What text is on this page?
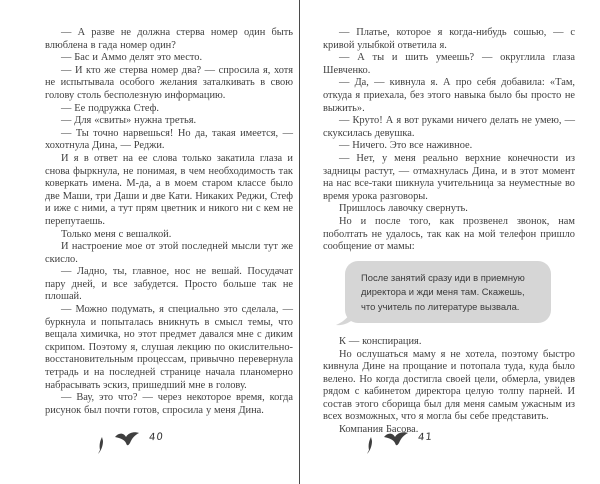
— А разве не должна стерва номер один быть влюблена в гада номер один?

— Бас и Аммо делят это место.

— И кто же стерва номер два? — спросила я, хотя не испытывала особого желания заталкивать в свою голову столь бесполезную информацию.

— Ее подружка Стеф.

— Для «свиты» нужна третья.

— Ты точно нарвешься! Но да, такая имеется, — хохотнула Дина, — Реджи.

И я в ответ на ее слова только закатила глаза и снова фыркнула, не понимая, в чем необходимость так коверкать имена. М-да, а в моем старом классе было две Маши, три Даши и две Кати. Никаких Реджи, Стеф и иже с ними, а тут прям цветник и никого ни с кем не перепутаешь.

Только меня с вешалкой.

И настроение мое от этой последней мысли тут же скисло.

— Ладно, ты, главное, нос не вешай. Посудачат пару дней, и все забудется. Просто больше так не плошай.

— Можно подумать, я специально это сделала, — буркнула и попыталась вникнуть в смысл темы, что вещала химичка, но этот предмет давался мне с диким скрипом. Поэтому я, слушая лекцию по окислительно-восстановительным процессам, привычно перевернула тетрадь и на последней странице начала планомерно набрасывать эскиз, пришедший мне в голову.

— Вау, это что? — через некоторое время, когда рисунок был почти готов, спросила у меня Дина.

40

— Платье, которое я когда-нибудь сошью, — с кривой улыбкой ответила я.

— А ты и шить умеешь? — округлила глаза Шевченко.

— Да, — кивнула я. А про себя добавила: «Там, откуда я приехала, без этого навыка было бы просто не выжить».

— Круто! А я вот руками ничего делать не умею, — скуксилась девушка.

— Ничего. Это все наживное.

— Нет, у меня реально верхние конечности из задницы растут, — отмахнулась Дина, и в этот момент на нас все-таки шикнула учительница за неуместные во время урока разговоры.

Пришлось лавочку свернуть.

Но и после того, как прозвенел звонок, нам поболтать не удалось, так как на мой телефон пришло сообщение от мамы:

После занятий сразу иди в приемную директора и жди меня там. Скажешь, что учитель по литературе вызвала.

К — конспирация.

Но ослушаться маму я не хотела, поэтому быстро кивнула Дине на прощание и потопала туда, куда было велено. Но когда достигла своей цели, обмерла, увидев рядом с кабинетом директора целую толпу парней. И состав этого сборища был для меня самым ужасным из всех возможных, что я могла бы себе представить.

Компания Басова.

41
